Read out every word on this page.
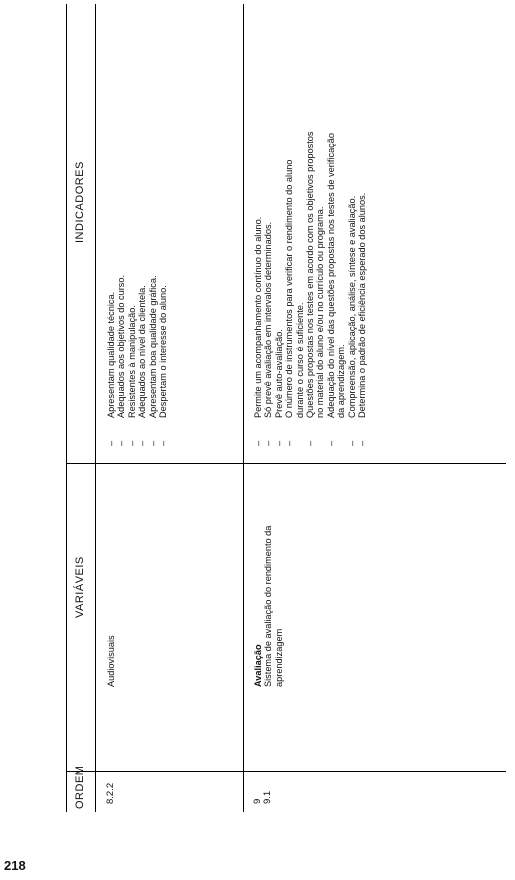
ORDEM
VARIÁVEIS
INDICADORES
8.2.2
Audiovisuais
–Apresentam qualidade técnica.
–Adequados aos objetivos do curso.
–Resistentes à manipulação.
–Adequados ao nível da clientela.
–Apresentam boa qualidade gráfica.
–Despertam o interesse do aluno.
9 9.1
Avaliação Sistema de avaliação do rendimento da aprendizagem
–Permite um acompanhamento contínuo do aluno.
–Só prevê avaliação em intervalos determinados.
–Prevê auto-avaliação.
–O número de instrumentos para verificar o rendimento do aluno durante o curso é suficiente.
–Questões propostas nos testes em acordo com os objetivos propostos no material do aluno e/ou no currículo ou programa.
–Adequação do nível das questões propostas nos testes de verificação da aprendizagem.
–Compreensão, aplicação, análise, síntese e avaliação.
–Determina o padrão de eficiência esperado dos alunos.
218
